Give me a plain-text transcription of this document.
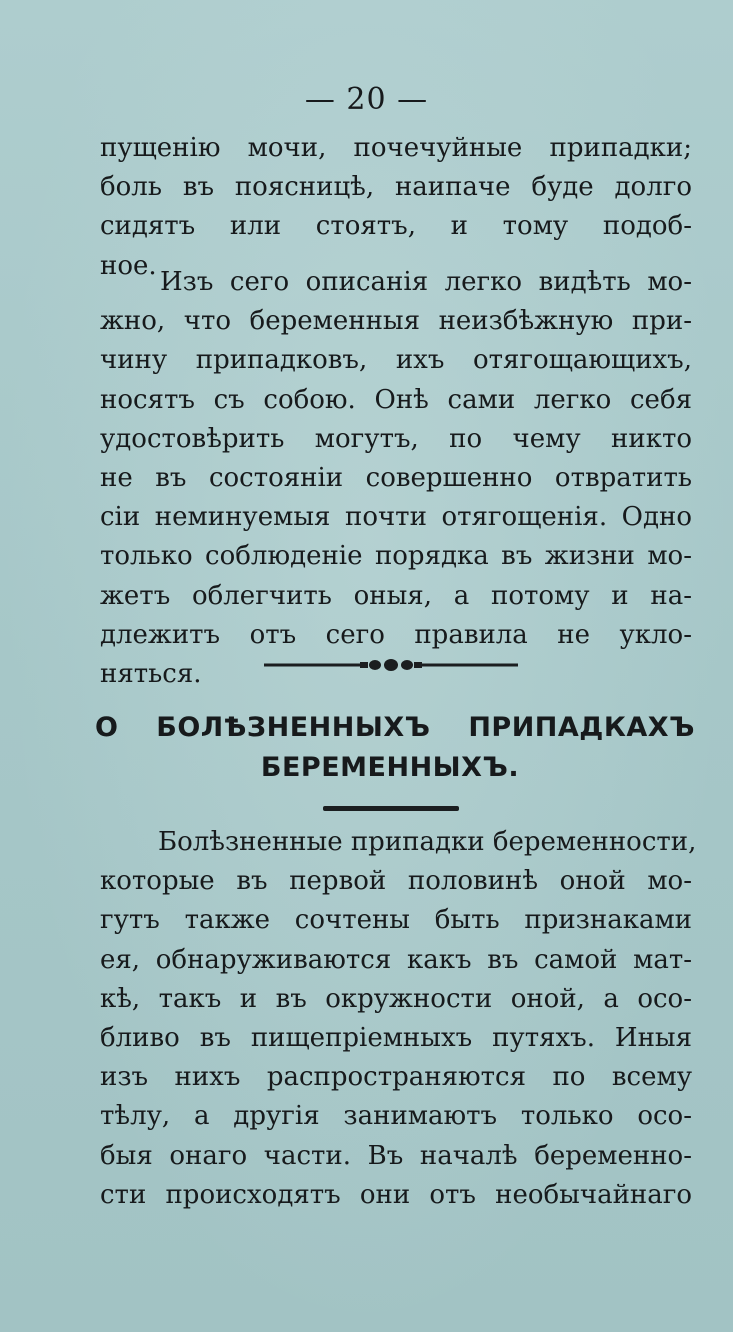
— 20 —
пущенію мочи, почечуйные припадки;
боль въ поясницѣ, наипаче буде долго
сидятъ или стоятъ, и тому подоб-
ное.
Изъ сего описанія легко видѣть мо-
жно, что беременныя неизбѣжную при-
чину припадковъ, ихъ отягощающихъ,
носятъ съ собою. Онѣ сами легко себя
удостовѣрить могутъ, по чему никто
не въ состояніи совершенно отвратить
сіи неминуемыя почти отягощенія. Одно
только соблюденіе порядка въ жизни мо-
жетъ облегчить оныя, а потому и на-
длежитъ отъ сего правила не укло-
няться.
О БОЛѢЗНЕННЫХЪ ПРИПАДКАХЪ
БЕРЕМЕННЫХЪ.
Болѣзненные припадки беременности,
которые въ первой половинѣ оной мо-
гутъ также сочтены быть признаками
ея, обнаруживаются какъ въ самой мат-
кѣ, такъ и въ окружности оной, а осо-
бливо въ пищепріемныхъ путяхъ. Иныя
изъ нихъ распространяются по всему
тѣлу, а другія занимаютъ только осо-
быя онаго части. Въ началѣ беременно-
сти происходятъ они отъ необычайнаго
